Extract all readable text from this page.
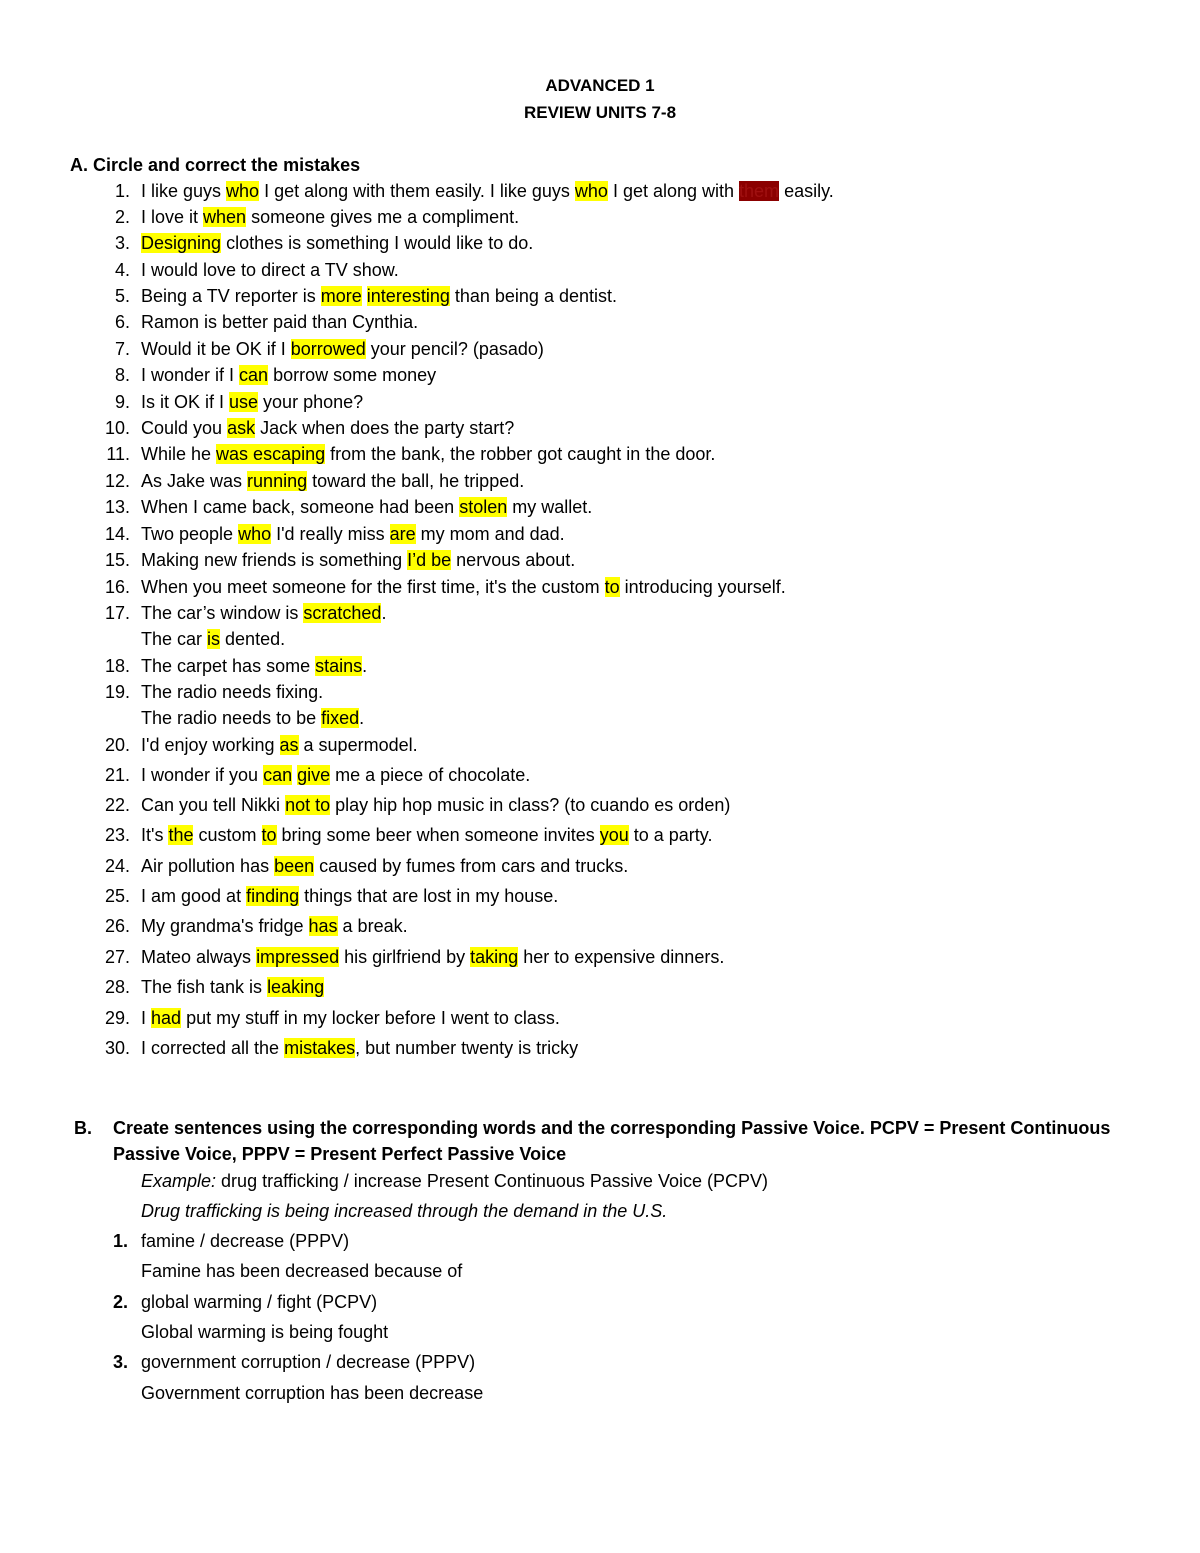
ADVANCED 1
REVIEW UNITS 7-8
A. Circle and correct the mistakes
1. I like guys who I get along with them easily. I like guys who I get along with them easily.
2. I love it when someone gives me a compliment.
3. Designing clothes is something I would like to do.
4. I would love to direct a TV show.
5. Being a TV reporter is more interesting than being a dentist.
6. Ramon is better paid than Cynthia.
7. Would it be OK if I borrowed your pencil? (pasado)
8. I wonder if I can borrow some money
9. Is it OK if I use your phone?
10. Could you ask Jack when does the party start?
11. While he was escaping from the bank, the robber got caught in the door.
12. As Jake was running toward the ball, he tripped.
13. When I came back, someone had been stolen my wallet.
14. Two people who I'd really miss are my mom and dad.
15. Making new friends is something I’d be nervous about.
16. When you meet someone for the first time, it's the custom to introducing yourself.
17. The car’s window is scratched.
The car is dented.
18. The carpet has some stains.
19. The radio needs fixing.
The radio needs to be fixed.
20. I'd enjoy working as a supermodel.
21. I wonder if you can give me a piece of chocolate.
22. Can you tell Nikki not to play hip hop music in class? (to cuando es orden)
23. It's the custom to bring some beer when someone invites you to a party.
24. Air pollution has been caused by fumes from cars and trucks.
25. I am good at finding things that are lost in my house.
26. My grandma's fridge has a break.
27. Mateo always impressed his girlfriend by taking her to expensive dinners.
28. The fish tank is leaking
29. I had put my stuff in my locker before I went to class.
30. I corrected all the mistakes, but number twenty is tricky
B. Create sentences using the corresponding words and the corresponding Passive Voice. PCPV = Present Continuous
Passive Voice, PPPV = Present Perfect Passive Voice
Example: drug trafficking / increase Present Continuous Passive Voice (PCPV)
Drug trafficking is being increased through the demand in the U.S.
1. famine / decrease (PPPV)
Famine has been decreased because of
2. global warming / fight (PCPV)
Global warming is being fought
3. government corruption / decrease (PPPV)
Government corruption has been decrease
